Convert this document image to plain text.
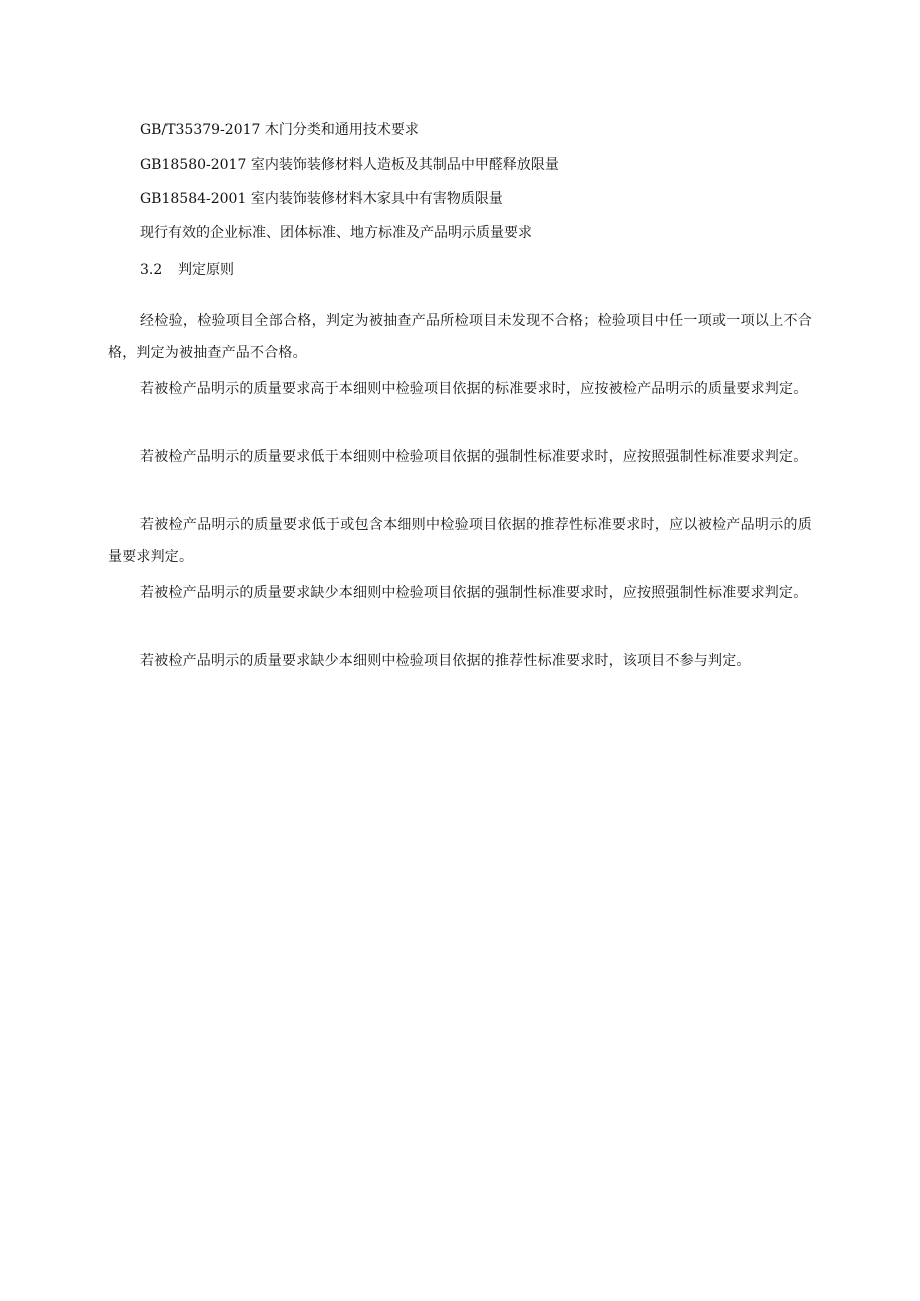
GB/T35379-2017 木门分类和通用技术要求
GB18580-2017 室内装饰装修材料人造板及其制品中甲醛释放限量
GB18584-2001 室内装饰装修材料木家具中有害物质限量
现行有效的企业标准、团体标准、地方标准及产品明示质量要求
3.2 判定原则
经检验，检验项目全部合格，判定为被抽查产品所检项目未发现不合格；检验项目中任一项或一项以上不合格，判定为被抽查产品不合格。
若被检产品明示的质量要求高于本细则中检验项目依据的标准要求时，应按被检产品明示的质量要求判定。
若被检产品明示的质量要求低于本细则中检验项目依据的强制性标准要求时，应按照强制性标准要求判定。
若被检产品明示的质量要求低于或包含本细则中检验项目依据的推荐性标准要求时，应以被检产品明示的质量要求判定。
若被检产品明示的质量要求缺少本细则中检验项目依据的强制性标准要求时，应按照强制性标准要求判定。
若被检产品明示的质量要求缺少本细则中检验项目依据的推荐性标准要求时，该项目不参与判定。
